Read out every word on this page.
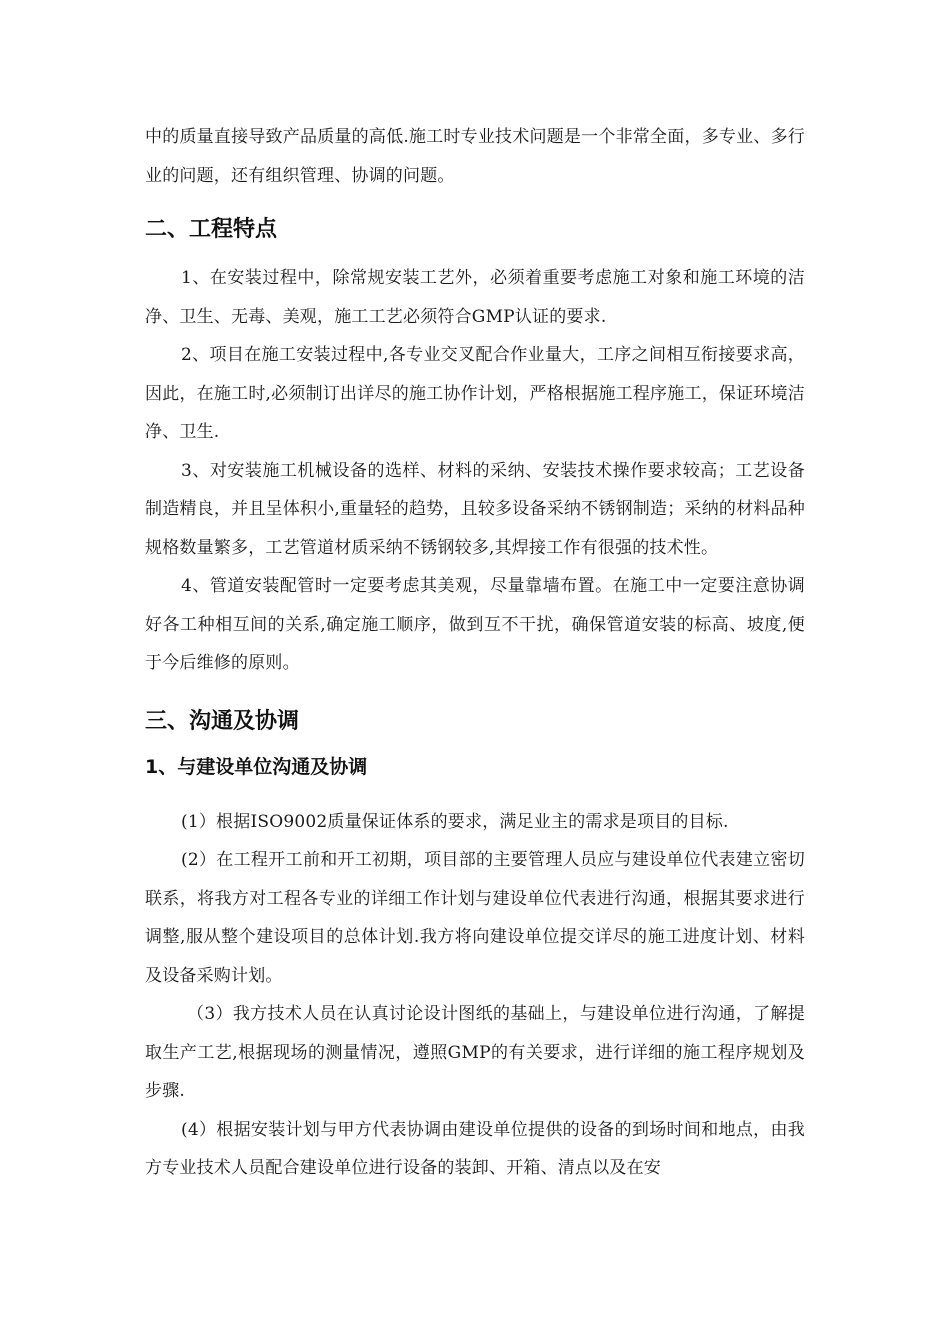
中的质量直接导致产品质量的高低.施工时专业技术问题是一个非常全面，多专业、多行业的问题，还有组织管理、协调的问题。

二、工程特点

1、在安装过程中，除常规安装工艺外，必须着重要考虑施工对象和施工环境的洁净、卫生、无毒、美观，施工工艺必须符合GMP认证的要求.

2、项目在施工安装过程中,各专业交叉配合作业量大，工序之间相互衔接要求高，因此，在施工时,必须制订出详尽的施工协作计划，严格根据施工程序施工，保证环境洁净、卫生.

3、对安装施工机械设备的选样、材料的采纳、安装技术操作要求较高；工艺设备制造精良，并且呈体积小,重量轻的趋势，且较多设备采纳不锈钢制造；采纳的材料品种规格数量繁多，工艺管道材质采纳不锈钢较多,其焊接工作有很强的技术性。

4、管道安装配管时一定要考虑其美观，尽量靠墙布置。在施工中一定要注意协调好各工种相互间的关系,确定施工顺序，做到互不干扰，确保管道安装的标高、坡度,便于今后维修的原则。

三、沟通及协调
1、与建设单位沟通及协调

(1）根据ISO9002质量保证体系的要求，满足业主的需求是项目的目标.

(2）在工程开工前和开工初期，项目部的主要管理人员应与建设单位代表建立密切联系，将我方对工程各专业的详细工作计划与建设单位代表进行沟通，根据其要求进行调整,服从整个建设项目的总体计划.我方将向建设单位提交详尽的施工进度计划、材料及设备采购计划。

（3）我方技术人员在认真讨论设计图纸的基础上，与建设单位进行沟通，了解提取生产工艺,根据现场的测量情况，遵照GMP的有关要求，进行详细的施工程序规划及步骤.

(4）根据安装计划与甲方代表协调由建设单位提供的设备的到场时间和地点，由我方专业技术人员配合建设单位进行设备的装卸、开箱、清点以及在安
